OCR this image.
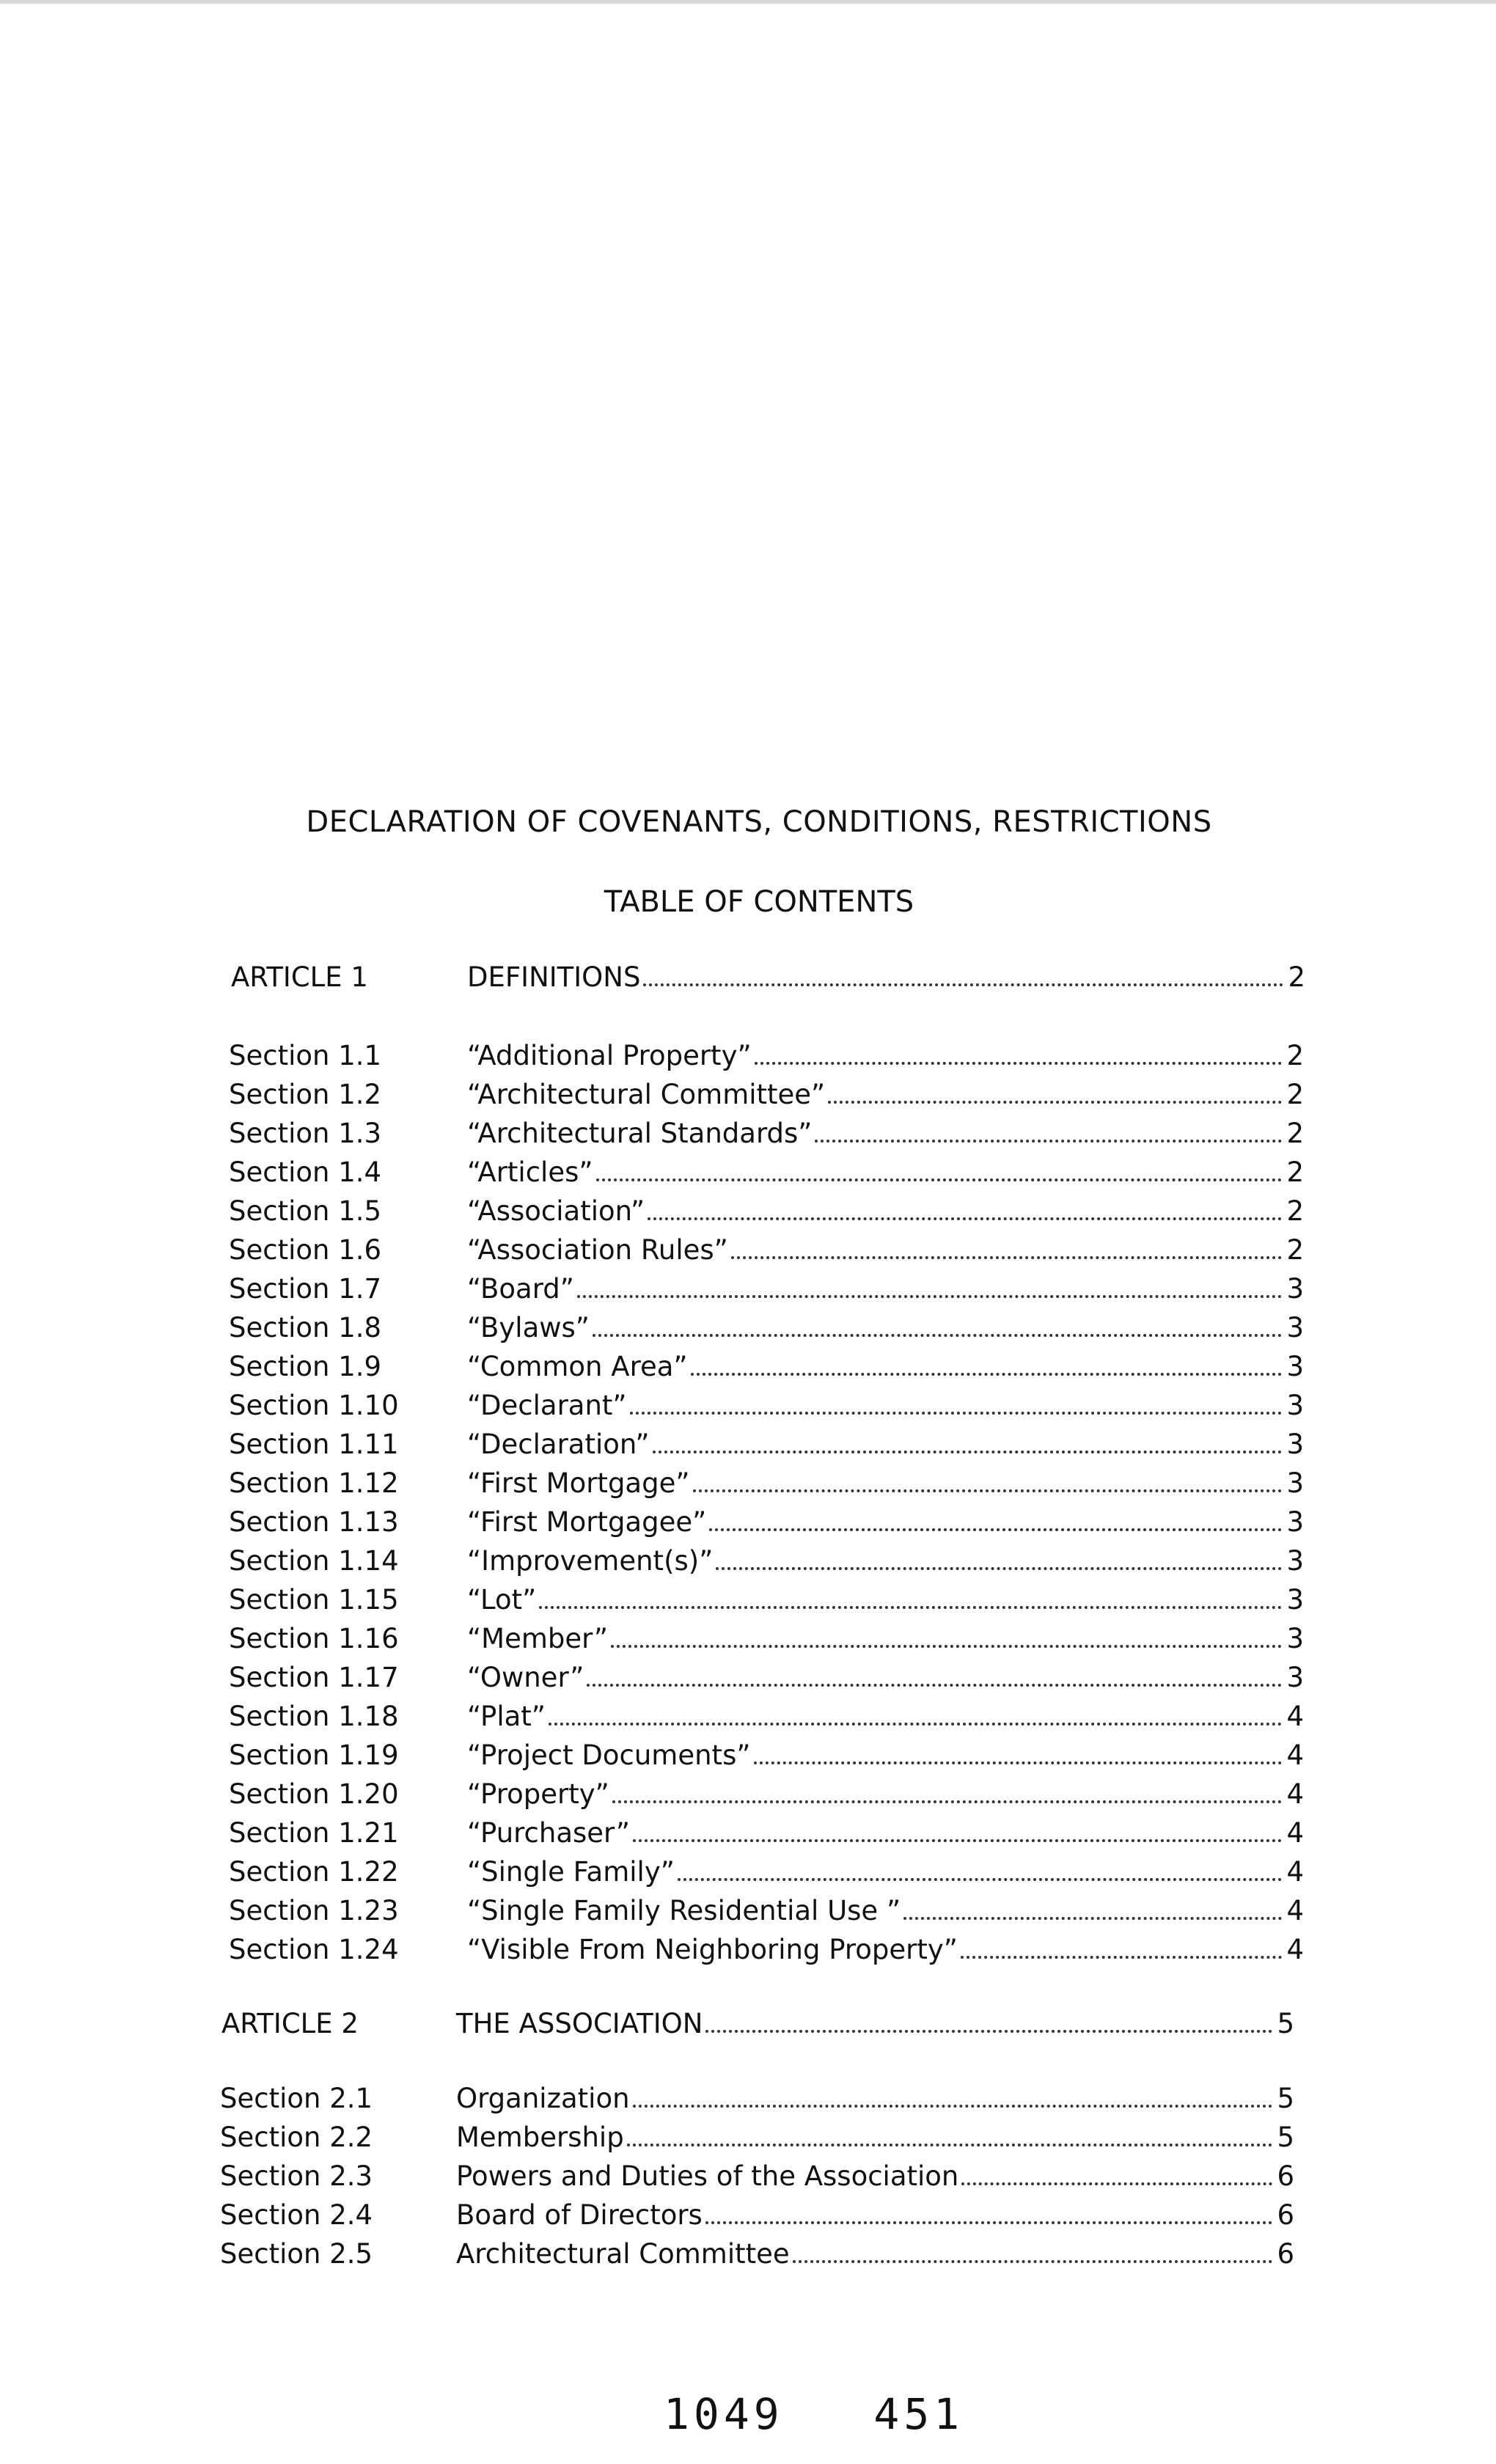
DECLARATION OF COVENANTS, CONDITIONS, RESTRICTIONS
TABLE OF CONTENTS
ARTICLE 1	DEFINITIONS	2
Section 1.1	“Additional Property”	2
Section 1.2	“Architectural Committee”	2
Section 1.3	“Architectural Standards”	2
Section 1.4	“Articles”	2
Section 1.5	“Association”	2
Section 1.6	“Association Rules”	2
Section 1.7	“Board”	3
Section 1.8	“Bylaws”	3
Section 1.9	“Common Area”	3
Section 1.10	“Declarant”	3
Section 1.11	“Declaration”	3
Section 1.12	“First Mortgage”	3
Section 1.13	“First Mortgagee”	3
Section 1.14	“Improvement(s)”	3
Section 1.15	“Lot”	3
Section 1.16	“Member”	3
Section 1.17	“Owner”	3
Section 1.18	“Plat”	4
Section 1.19	“Project Documents”	4
Section 1.20	“Property”	4
Section 1.21	“Purchaser”	4
Section 1.22	“Single Family”	4
Section 1.23	“Single Family Residential Use ”	4
Section 1.24	“Visible From Neighboring Property”	4
ARTICLE 2	THE ASSOCIATION	5
Section 2.1	Organization	5
Section 2.2	Membership	5
Section 2.3	Powers and Duties of the Association	6
Section 2.4	Board of Directors	6
Section 2.5	Architectural Committee	6
1049   451
